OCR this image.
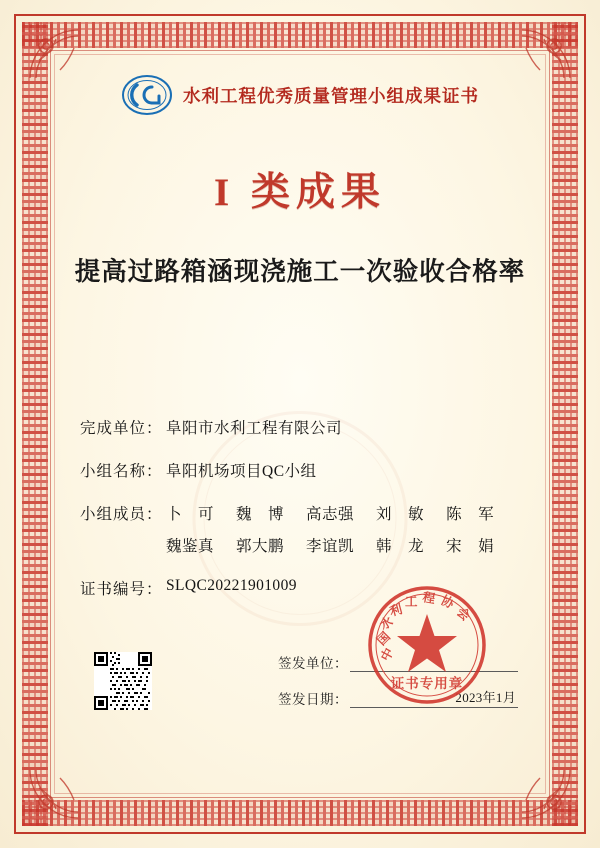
水利工程优秀质量管理小组成果证书
I 类成果
提高过路箱涵现浇施工一次验收合格率
完成单位： 阜阳市水利工程有限公司
小组名称： 阜阳机场项目QC小组
小组成员： 卜　可 魏　博 高志强 刘　敏 陈　军
魏鉴真 郭大鹏 李谊凯 韩　龙 宋　娟
证书编号： SLQC20221901009
签发单位：
签发日期：	2023年1月
证书专用章
中
国
水
利
工 程 协
会
